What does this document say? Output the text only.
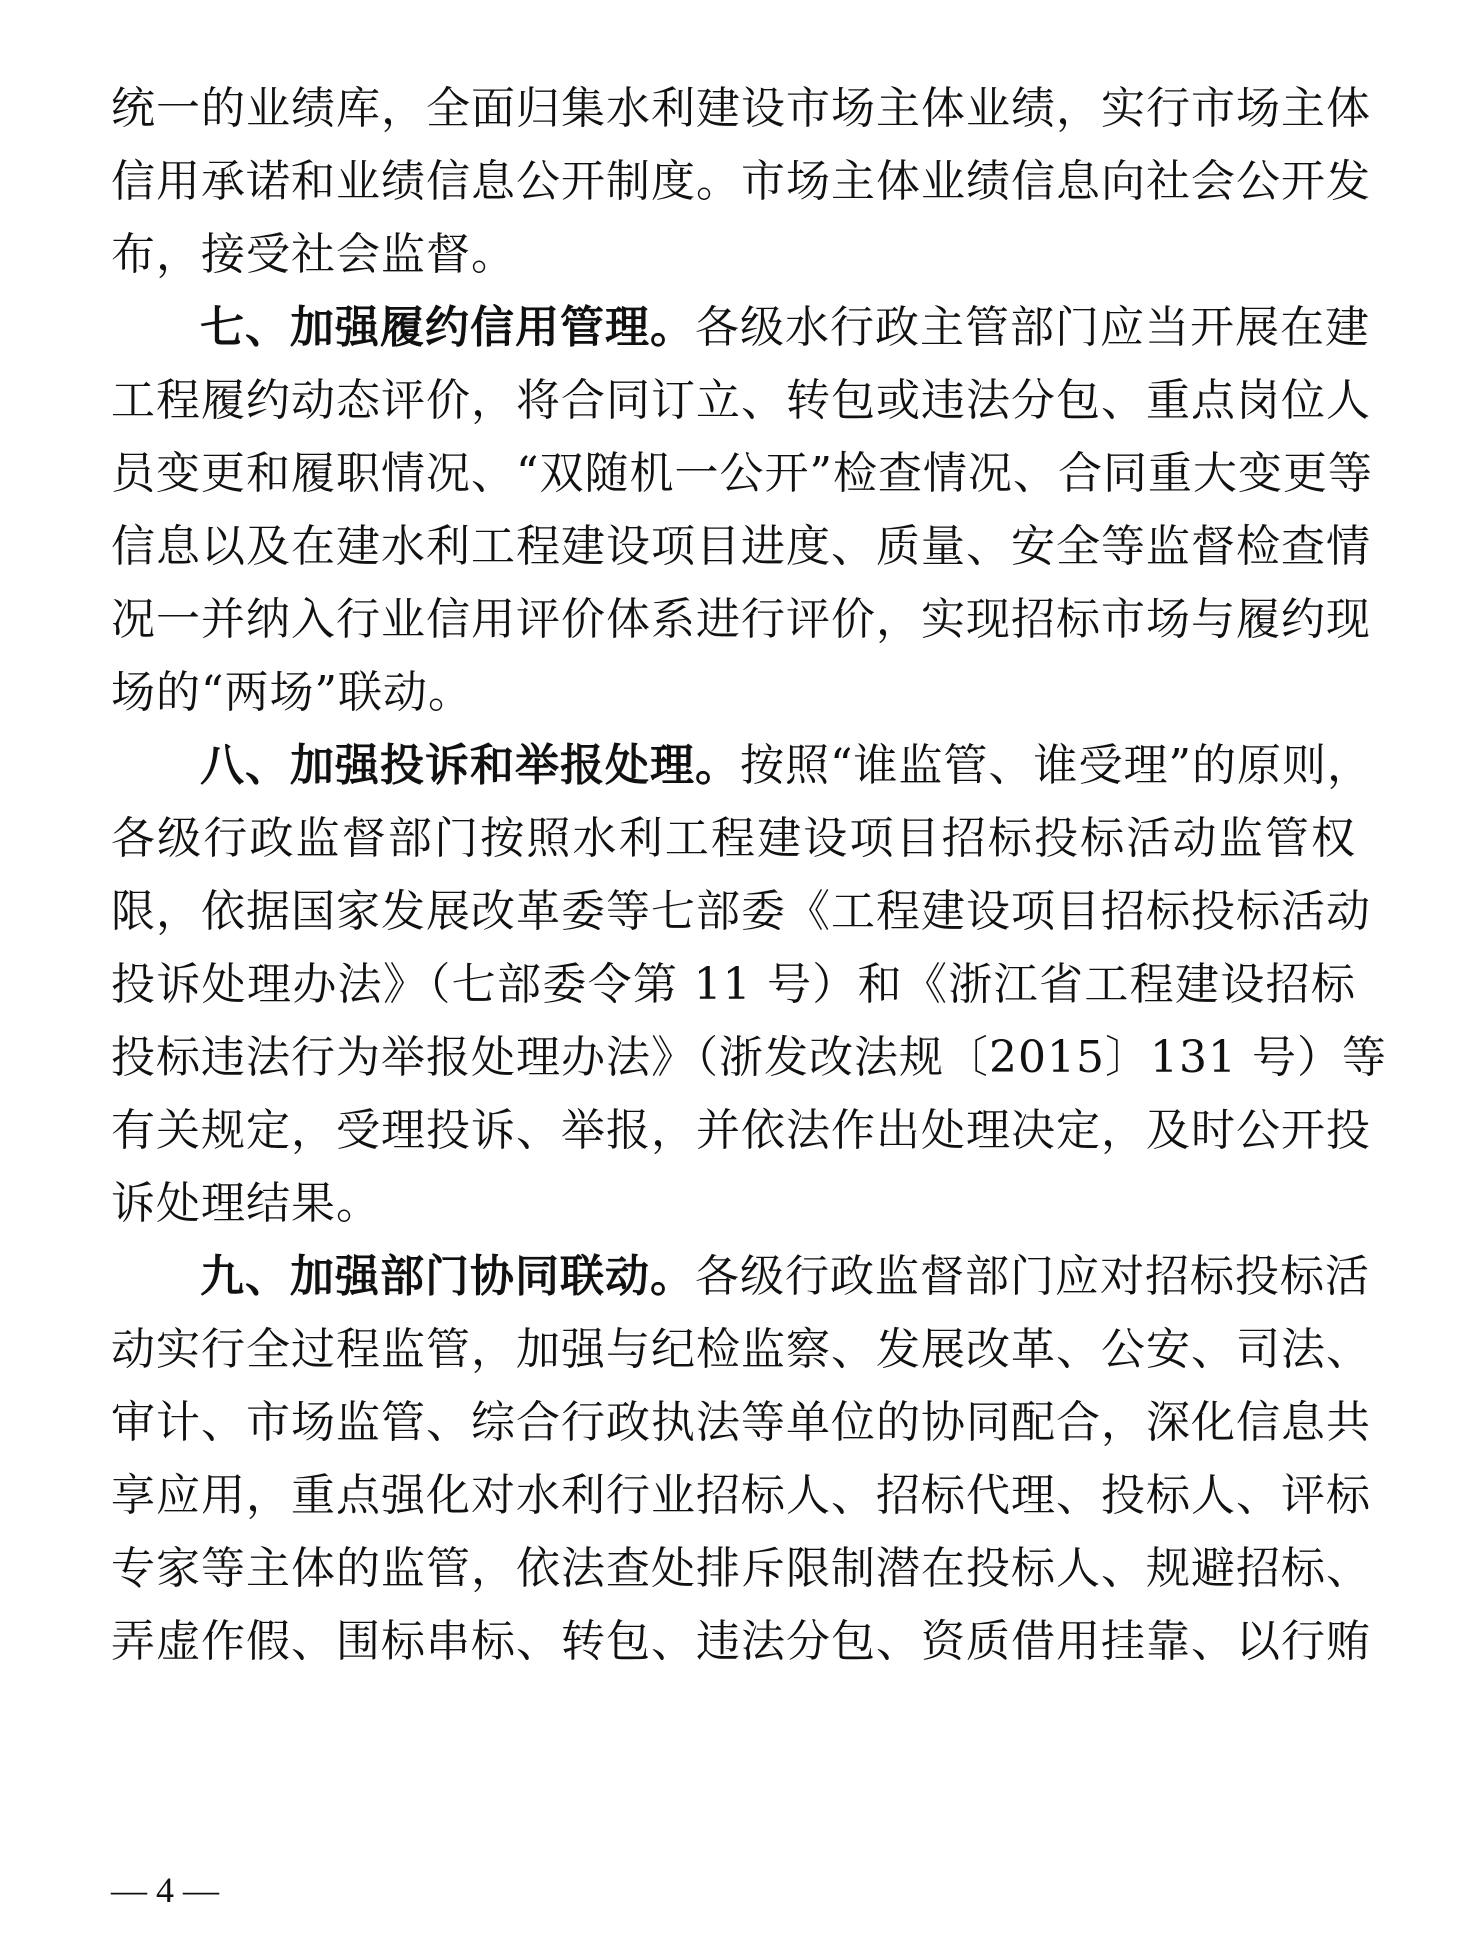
统一的业绩库，全面归集水利建设市场主体业绩，实行市场主体
信用承诺和业绩信息公开制度。市场主体业绩信息向社会公开发
布，接受社会监督。
七、加强履约信用管理。各级水行政主管部门应当开展在建
工程履约动态评价，将合同订立、转包或违法分包、重点岗位人
员变更和履职情况、“双随机一公开”检查情况、合同重大变更等
信息以及在建水利工程建设项目进度、质量、安全等监督检查情
况一并纳入行业信用评价体系进行评价，实现招标市场与履约现
场的“两场”联动。
八、加强投诉和举报处理。按照“谁监管、谁受理”的原则，
各级行政监督部门按照水利工程建设项目招标投标活动监管权
限，依据国家发展改革委等七部委《工程建设项目招标投标活动
投诉处理办法》（七部委令第 11 号）和《浙江省工程建设招标
投标违法行为举报处理办法》（浙发改法规〔2015〕131 号）等
有关规定，受理投诉、举报，并依法作出处理决定，及时公开投
诉处理结果。
九、加强部门协同联动。各级行政监督部门应对招标投标活
动实行全过程监管，加强与纪检监察、发展改革、公安、司法、
审计、市场监管、综合行政执法等单位的协同配合，深化信息共
享应用，重点强化对水利行业招标人、招标代理、投标人、评标
专家等主体的监管，依法查处排斥限制潜在投标人、规避招标、
弄虚作假、围标串标、转包、违法分包、资质借用挂靠、以行贿
— 4 —
